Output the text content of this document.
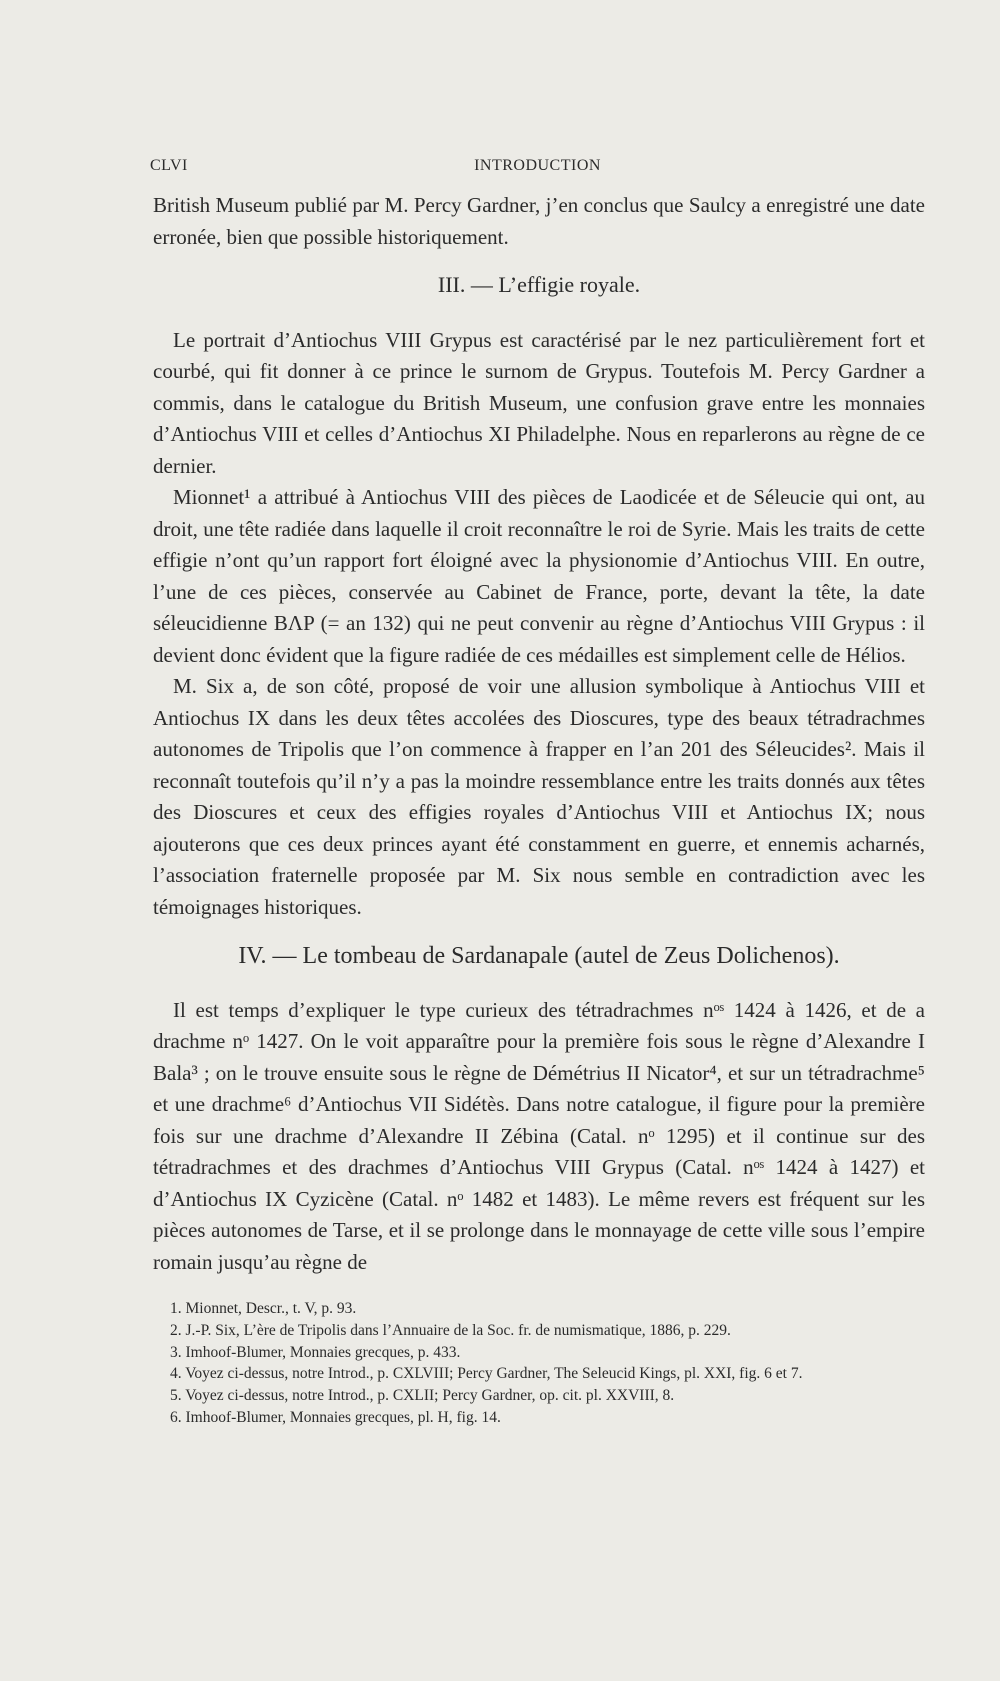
CLVI	INTRODUCTION

British Museum publié par M. Percy Gardner, j’en conclus que Saulcy a enregistré une date erronée, bien que possible historiquement.

III. — L’effigie royale.

Le portrait d’Antiochus VIII Grypus est caractérisé par le nez particulièrement fort et courbé, qui fit donner à ce prince le surnom de Grypus. Toutefois M. Percy Gardner a commis, dans le catalogue du British Museum, une confusion grave entre les monnaies d’Antiochus VIII et celles d’Antiochus XI Philadelphe. Nous en reparlerons au règne de ce dernier.

Mionnet¹ a attribué à Antiochus VIII des pièces de Laodicée et de Séleucie qui ont, au droit, une tête radiée dans laquelle il croit reconnaître le roi de Syrie. Mais les traits de cette effigie n’ont qu’un rapport fort éloigné avec la physionomie d’Antiochus VIII. En outre, l’une de ces pièces, conservée au Cabinet de France, porte, devant la tête, la date séleucidienne BΛP (= an 132) qui ne peut convenir au règne d’Antiochus VIII Grypus : il devient donc évident que la figure radiée de ces médailles est simplement celle de Hélios.

M. Six a, de son côté, proposé de voir une allusion symbolique à Antiochus VIII et Antiochus IX dans les deux têtes accolées des Dioscures, type des beaux tétradrachmes autonomes de Tripolis que l’on commence à frapper en l’an 201 des Séleucides². Mais il reconnaît toutefois qu’il n’y a pas la moindre ressemblance entre les traits donnés aux têtes des Dioscures et ceux des effigies royales d’Antiochus VIII et Antiochus IX; nous ajouterons que ces deux princes ayant été constamment en guerre, et ennemis acharnés, l’association fraternelle proposée par M. Six nous semble en contradiction avec les témoignages historiques.

IV. — Le tombeau de Sardanapale (autel de Zeus Dolichenos).

Il est temps d’expliquer le type curieux des tétradrachmes nᵒˢ 1424 à 1426, et de a drachme nᵒ 1427. On le voit apparaître pour la première fois sous le règne d’Alexandre I Bala³ ; on le trouve ensuite sous le règne de Démétrius II Nicator⁴, et sur un tétradrachme⁵ et une drachme⁶ d’Antiochus VII Sidétès. Dans notre catalogue, il figure pour la première fois sur une drachme d’Alexandre II Zébina (Catal. nᵒ 1295) et il continue sur des tétradrachmes et des drachmes d’Antiochus VIII Grypus (Catal. nᵒˢ 1424 à 1427) et d’Antiochus IX Cyzicène (Catal. nᵒ 1482 et 1483). Le même revers est fréquent sur les pièces autonomes de Tarse, et il se prolonge dans le monnayage de cette ville sous l’empire romain jusqu’au règne de

1. Mionnet, Descr., t. V, p. 93.
2. J.-P. Six, L’ère de Tripolis dans l’Annuaire de la Soc. fr. de numismatique, 1886, p. 229.
3. Imhoof-Blumer, Monnaies grecques, p. 433.
4. Voyez ci-dessus, notre Introd., p. CXLVIII; Percy Gardner, The Seleucid Kings, pl. XXI, fig. 6 et 7.
5. Voyez ci-dessus, notre Introd., p. CXLII; Percy Gardner, op. cit. pl. XXVIII, 8.
6. Imhoof-Blumer, Monnaies grecques, pl. H, fig. 14.
